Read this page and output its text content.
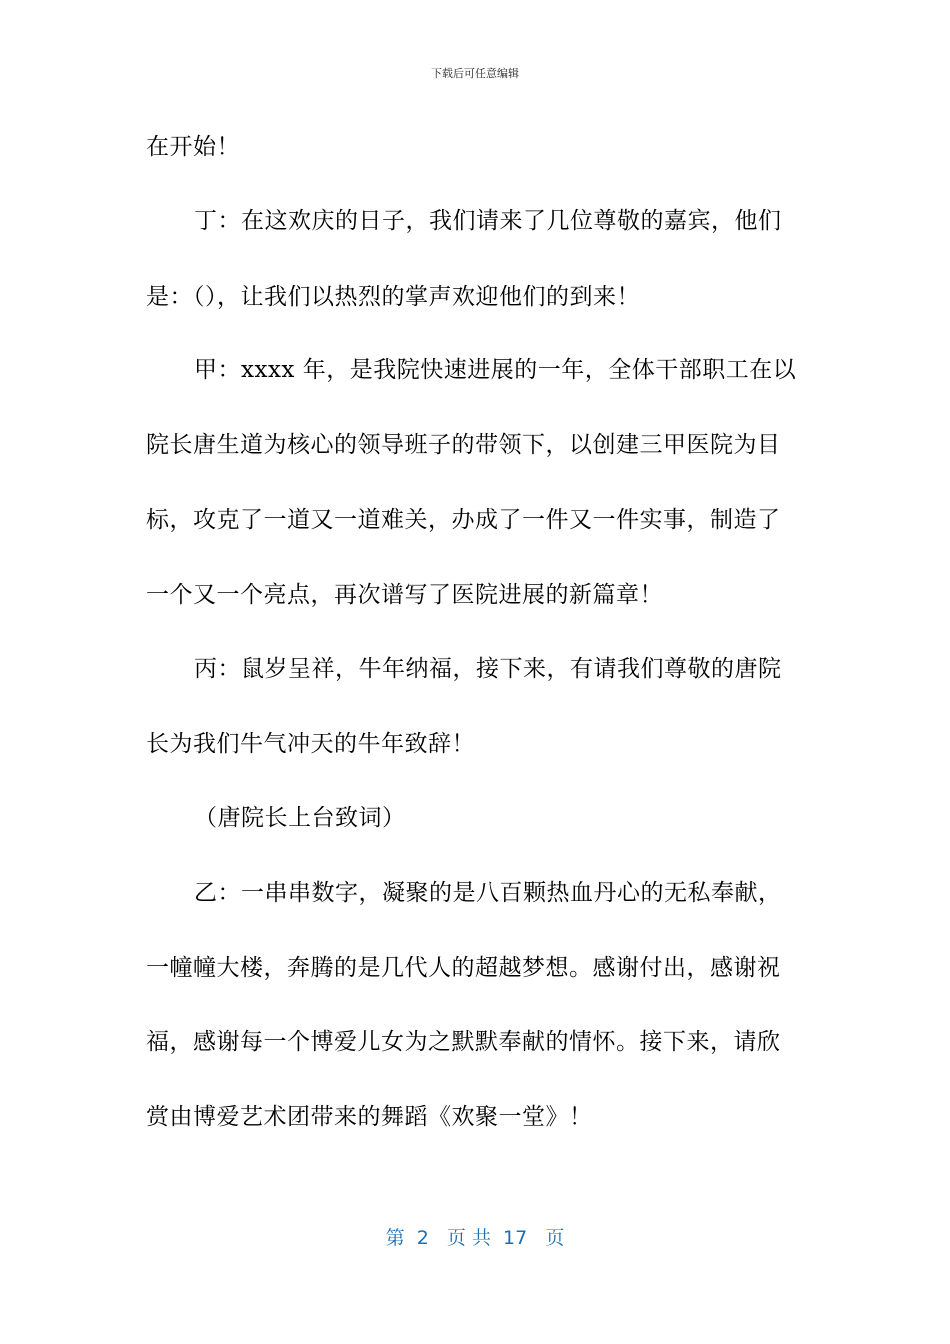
下载后可任意编辑
在开始！
丁：在这欢庆的日子，我们请来了几位尊敬的嘉宾，他们
是：（），让我们以热烈的掌声欢迎他们的到来！
甲：xxxx 年，是我院快速进展的一年，全体干部职工在以
院长唐生道为核心的领导班子的带领下，以创建三甲医院为目
标，攻克了一道又一道难关，办成了一件又一件实事，制造了
一个又一个亮点，再次谱写了医院进展的新篇章！
丙：鼠岁呈祥，牛年纳福，接下来，有请我们尊敬的唐院
长为我们牛气冲天的牛年致辞！
（唐院长上台致词）
乙：一串串数字，凝聚的是八百颗热血丹心的无私奉献，
一幢幢大楼，奔腾的是几代人的超越梦想。感谢付出，感谢祝
福，感谢每一个博爱儿女为之默默奉献的情怀。接下来，请欣
赏由博爱艺术团带来的舞蹈《欢聚一堂》！
第  2   页 共  17   页
